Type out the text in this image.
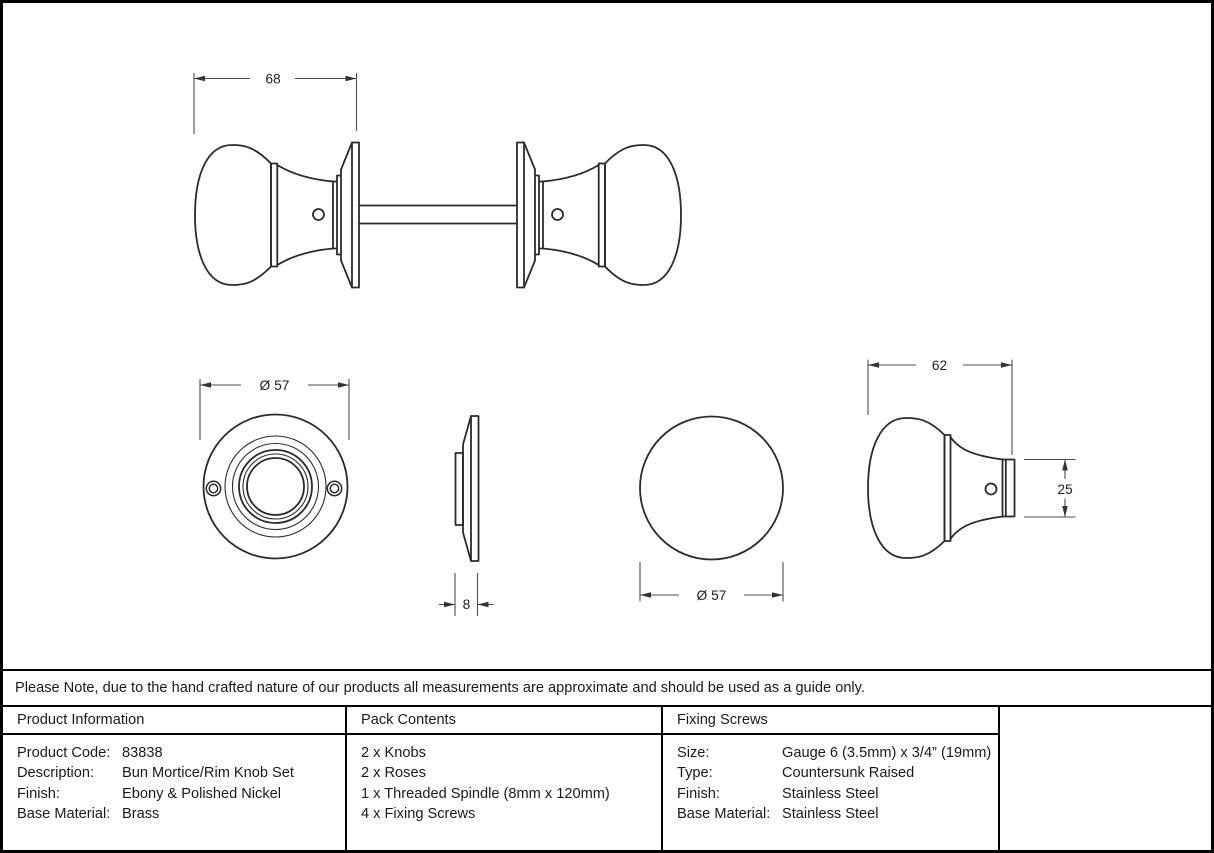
68
Ø 57
8
Ø 57
62
25
Please Note, due to the hand crafted nature of our products all measurements are approximate and should be used as a guide only.
Product Information
Product Code: 83838
Description:	Bun Mortice/Rim Knob Set
Finish:	Ebony & Polished Nickel
Base Material: Brass
Pack Contents
2 x Knobs
2 x Roses
1 x Threaded Spindle (8mm x 120mm)
4 x Fixing Screws
Fixing Screws
Size:	Gauge 6 (3.5mm) x 3/4” (19mm)
Type:	Countersunk Raised
Finish:	Stainless Steel
Base Material: Stainless Steel
